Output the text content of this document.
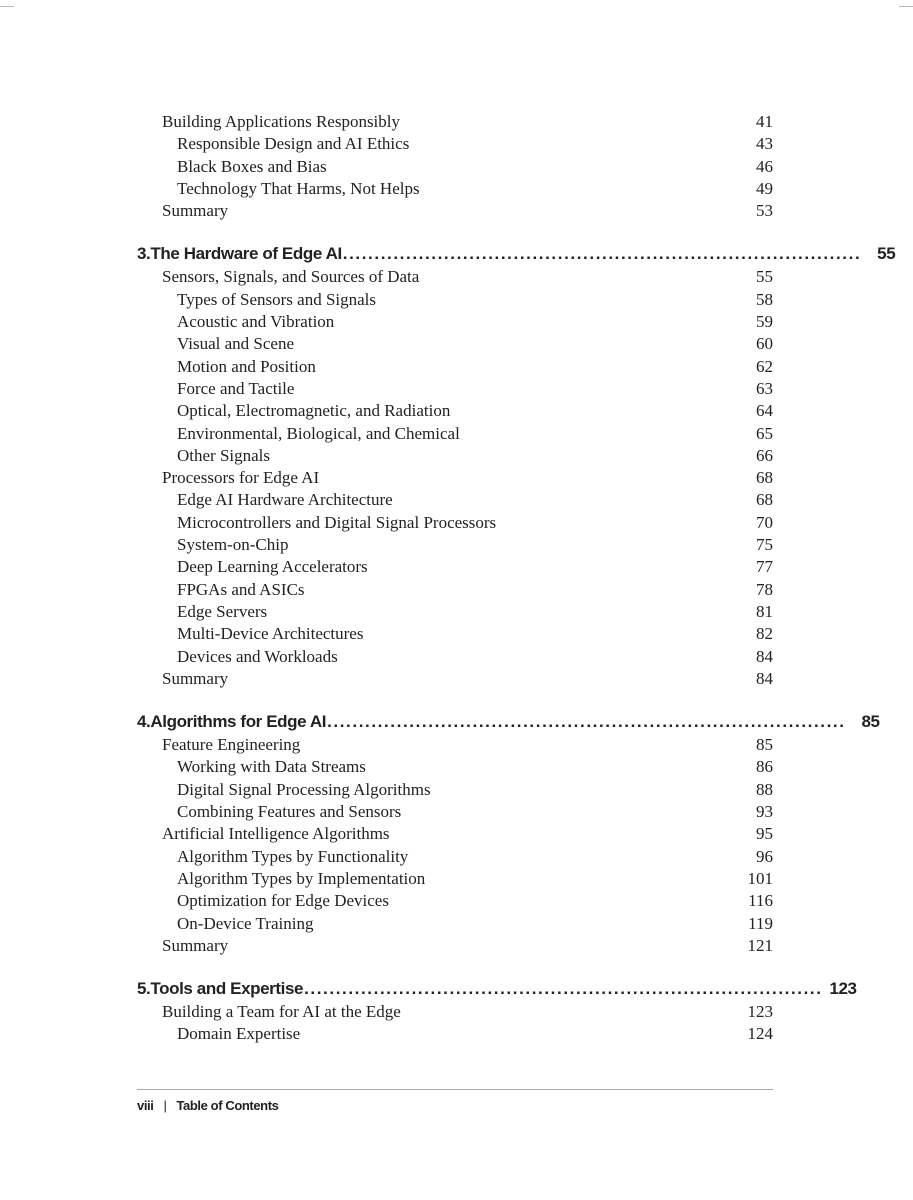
Building Applications Responsibly	41
Responsible Design and AI Ethics	43
Black Boxes and Bias	46
Technology That Harms, Not Helps	49
Summary	53
3. The Hardware of Edge AI .................................................................................. 55
Sensors, Signals, and Sources of Data	55
Types of Sensors and Signals	58
Acoustic and Vibration	59
Visual and Scene	60
Motion and Position	62
Force and Tactile	63
Optical, Electromagnetic, and Radiation	64
Environmental, Biological, and Chemical	65
Other Signals	66
Processors for Edge AI	68
Edge AI Hardware Architecture	68
Microcontrollers and Digital Signal Processors	70
System-on-Chip	75
Deep Learning Accelerators	77
FPGAs and ASICs	78
Edge Servers	81
Multi-Device Architectures	82
Devices and Workloads	84
Summary	84
4. Algorithms for Edge AI .................................................................................. 85
Feature Engineering	85
Working with Data Streams	86
Digital Signal Processing Algorithms	88
Combining Features and Sensors	93
Artificial Intelligence Algorithms	95
Algorithm Types by Functionality	96
Algorithm Types by Implementation	101
Optimization for Edge Devices	116
On-Device Training	119
Summary	121
5. Tools and Expertise .................................................................................. 123
Building a Team for AI at the Edge	123
Domain Expertise	124
viii | Table of Contents
